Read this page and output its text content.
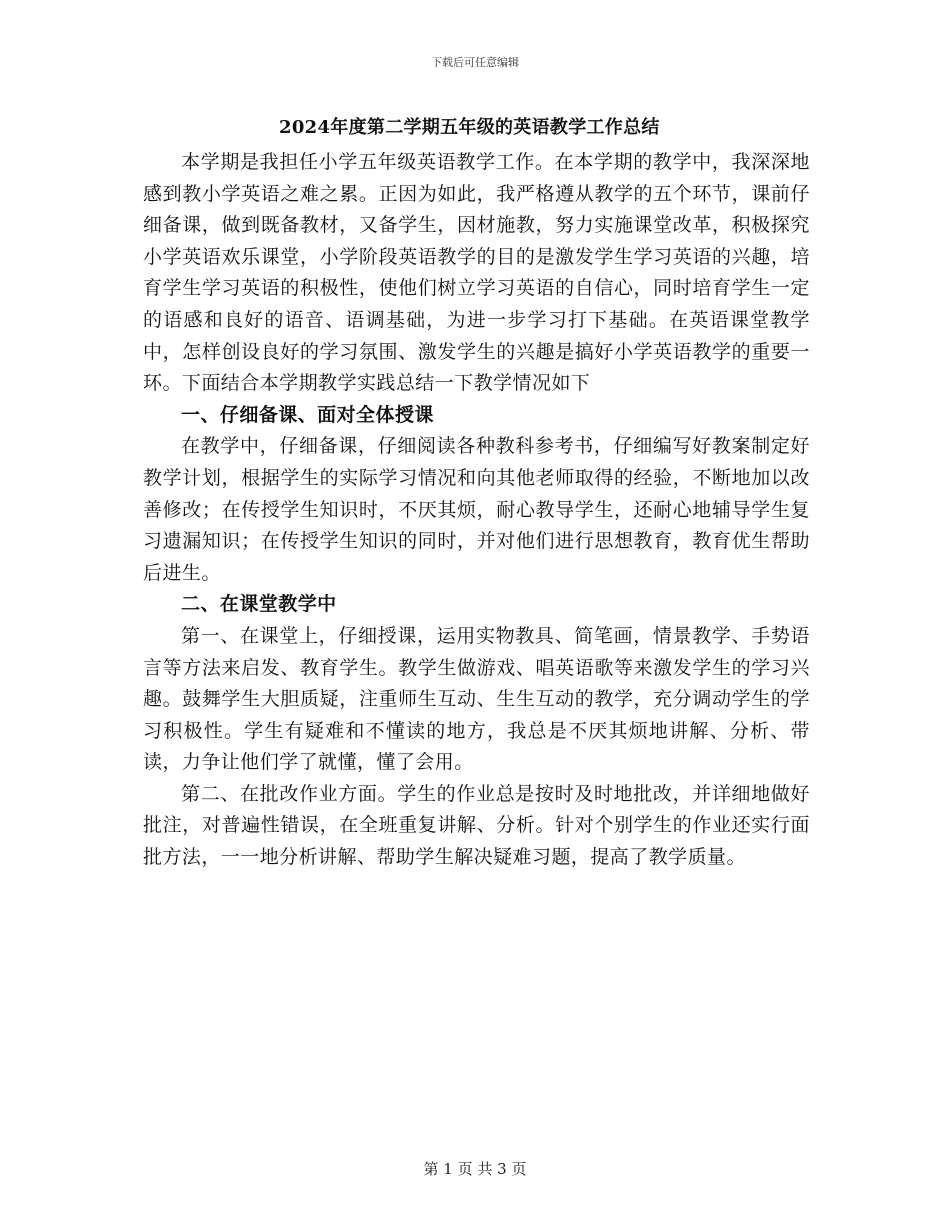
下载后可任意编辑
2024年度第二学期五年级的英语教学工作总结

本学期是我担任小学五年级英语教学工作。在本学期的教学中，我深深地感到教小学英语之难之累。正因为如此，我严格遵从教学的五个环节，课前仔细备课，做到既备教材，又备学生，因材施教，努力实施课堂改革，积极探究小学英语欢乐课堂，小学阶段英语教学的目的是激发学生学习英语的兴趣，培育学生学习英语的积极性，使他们树立学习英语的自信心，同时培育学生一定的语感和良好的语音、语调基础，为进一步学习打下基础。在英语课堂教学中，怎样创设良好的学习氛围、激发学生的兴趣是搞好小学英语教学的重要一环。下面结合本学期教学实践总结一下教学情况如下

一、仔细备课、面对全体授课

在教学中，仔细备课，仔细阅读各种教科参考书，仔细编写好教案制定好教学计划，根据学生的实际学习情况和向其他老师取得的经验，不断地加以改善修改；在传授学生知识时，不厌其烦，耐心教导学生，还耐心地辅导学生复习遗漏知识；在传授学生知识的同时，并对他们进行思想教育，教育优生帮助后进生。

二、在课堂教学中

第一、在课堂上，仔细授课，运用实物教具、简笔画，情景教学、手势语言等方法来启发、教育学生。教学生做游戏、唱英语歌等来激发学生的学习兴趣。鼓舞学生大胆质疑，注重师生互动、生生互动的教学，充分调动学生的学习积极性。学生有疑难和不懂读的地方，我总是不厌其烦地讲解、分析、带读，力争让他们学了就懂，懂了会用。

第二、在批改作业方面。学生的作业总是按时及时地批改，并详细地做好批注，对普遍性错误，在全班重复讲解、分析。针对个别学生的作业还实行面批方法，一一地分析讲解、帮助学生解决疑难习题，提高了教学质量。

第 1 页 共 3 页
